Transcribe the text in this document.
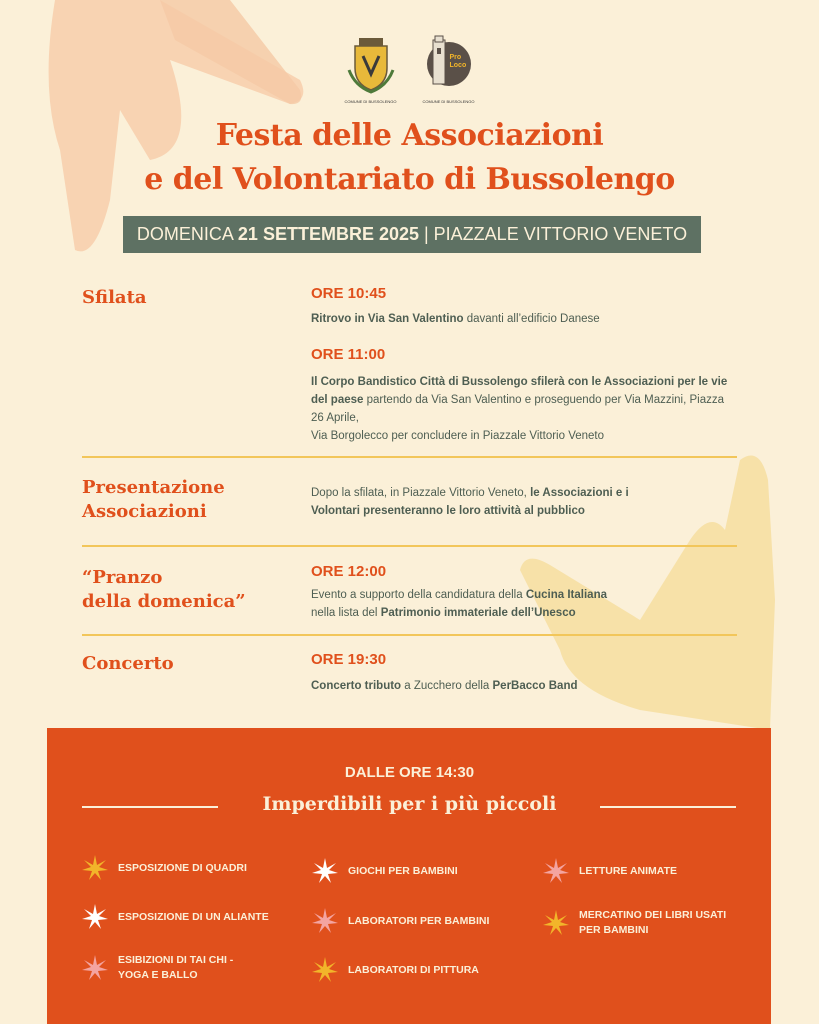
COMUNE DI BUSSOLENGO
Pro Loco
COMUNE DI BUSSOLENGO
Festa delle Associazioni
e del Volontariato di Bussolengo
DOMENICA 21 SETTEMBRE 2025 | PIAZZALE VITTORIO VENETO
Sfilata	ORE 10:45
Ritrovo in Via San Valentino davanti all’edificio Danese
ORE 11:00
Il Corpo Bandistico Città di Bussolengo sfilerà con le Associazioni per le vie del paese partendo da Via San Valentino e proseguendo per Via Mazzini, Piazza 26 Aprile,
Via Borgolecco per concludere in Piazzale Vittorio Veneto
Presentazione
Associazioni
Dopo la sfilata, in Piazzale Vittorio Veneto, le Associazioni e i Volontari presenteranno le loro attività al pubblico
“Pranzo
della domenica”
ORE 12:00
Evento a supporto della candidatura della Cucina Italiana
nella lista del Patrimonio immateriale dell’Unesco
Concerto	ORE 19:30
Concerto tributo a Zucchero della PerBacco Band
DALLE ORE 14:30
Imperdibili per i più piccoli
ESPOSIZIONE DI QUADRI
ESPOSIZIONE DI UN ALIANTE
ESIBIZIONI DI TAI CHI -
YOGA E BALLO
GIOCHI PER BAMBINI
LABORATORI PER BAMBINI
LABORATORI DI PITTURA
LETTURE ANIMATE
MERCATINO DEI LIBRI USATI
PER BAMBINI
